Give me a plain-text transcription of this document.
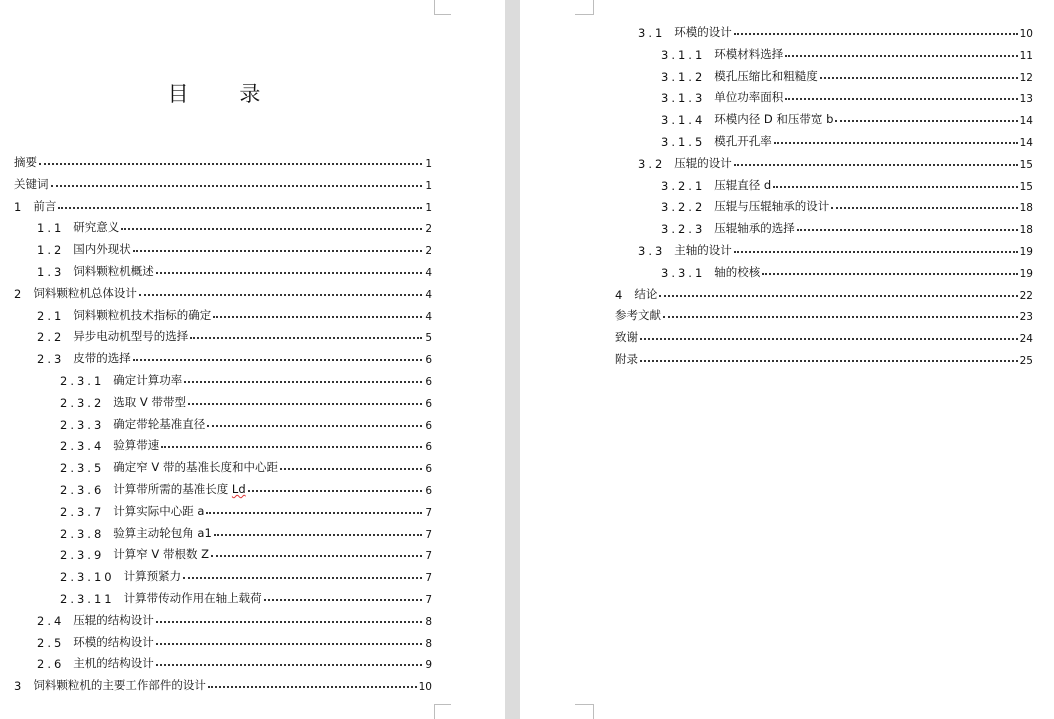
目 录
摘要	1
关键词	1
1 前言	1
1.1 研究意义	2
1.2 国内外现状	2
1.3 饲料颗粒机概述	4
2 饲料颗粒机总体设计	4
2.1 饲料颗粒机技术指标的确定	4
2.2 异步电动机型号的选择	5
2.3 皮带的选择	6
2.3.1 确定计算功率	6
2.3.2 选取 V 带带型	6
2.3.3 确定带轮基准直径	6
2.3.4 验算带速	6
2.3.5 确定窄 V 带的基准长度和中心距	6
2.3.6 计算带所需的基准长度 Ld	6
2.3.7 计算实际中心距 a	7
2.3.8 验算主动轮包角 a1	7
2.3.9 计算窄 V 带根数 Z	7
2.3.10 计算预紧力	7
2.3.11 计算带传动作用在轴上载荷	7
2.4 压辊的结构设计	8
2.5 环模的结构设计	8
2.6 主机的结构设计	9
3 饲料颗粒机的主要工作部件的设计	10
3.1 环模的设计	10
3.1.1 环模材料选择	11
3.1.2 模孔压缩比和粗糙度	12
3.1.3 单位功率面积	13
3.1.4 环模内径 D 和压带宽 b	14
3.1.5 模孔开孔率	14
3.2 压辊的设计	15
3.2.1 压辊直径 d	15
3.2.2 压辊与压辊轴承的设计	18
3.2.3 压辊轴承的选择	18
3.3 主轴的设计	19
3.3.1 轴的校核	19
4 结论	22
参考文献	23
致谢	24
附录	25
